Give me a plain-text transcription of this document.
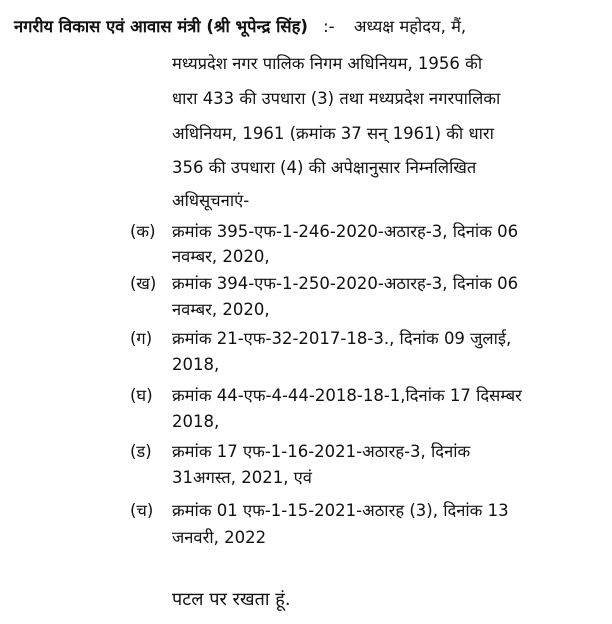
नगरीय विकास एवं आवास मंत्री (श्री भूपेन्द्र सिंह) :- अध्यक्ष महोदय, मैं,
मध्यप्रदेश नगर पालिक निगम अधिनियम, 1956 की
धारा 433 की उपधारा (3) तथा मध्यप्रदेश नगरपालिका
अधिनियम, 1961 (क्रमांक 37 सन् 1961) की धारा
356 की उपधारा (4) की अपेक्षानुसार निम्नलिखित
अधिसूचनाएं-
(क) क्रमांक 395-एफ-1-246-2020-अठारह-3, दिनांक 06
नवम्बर, 2020,
(ख) क्रमांक 394-एफ-1-250-2020-अठारह-3, दिनांक 06
नवम्बर, 2020,
(ग) क्रमांक 21-एफ-32-2017-18-3., दिनांक 09 जुलाई,
2018,
(घ) क्रमांक 44-एफ-4-44-2018-18-1,दिनांक 17 दिसम्बर
2018,
(ड) क्रमांक 17 एफ-1-16-2021-अठारह-3, दिनांक
31अगस्त, 2021, एवं
(च) क्रमांक 01 एफ-1-15-2021-अठारह (3), दिनांक 13
जनवरी, 2022
पटल पर रखता हूं.
